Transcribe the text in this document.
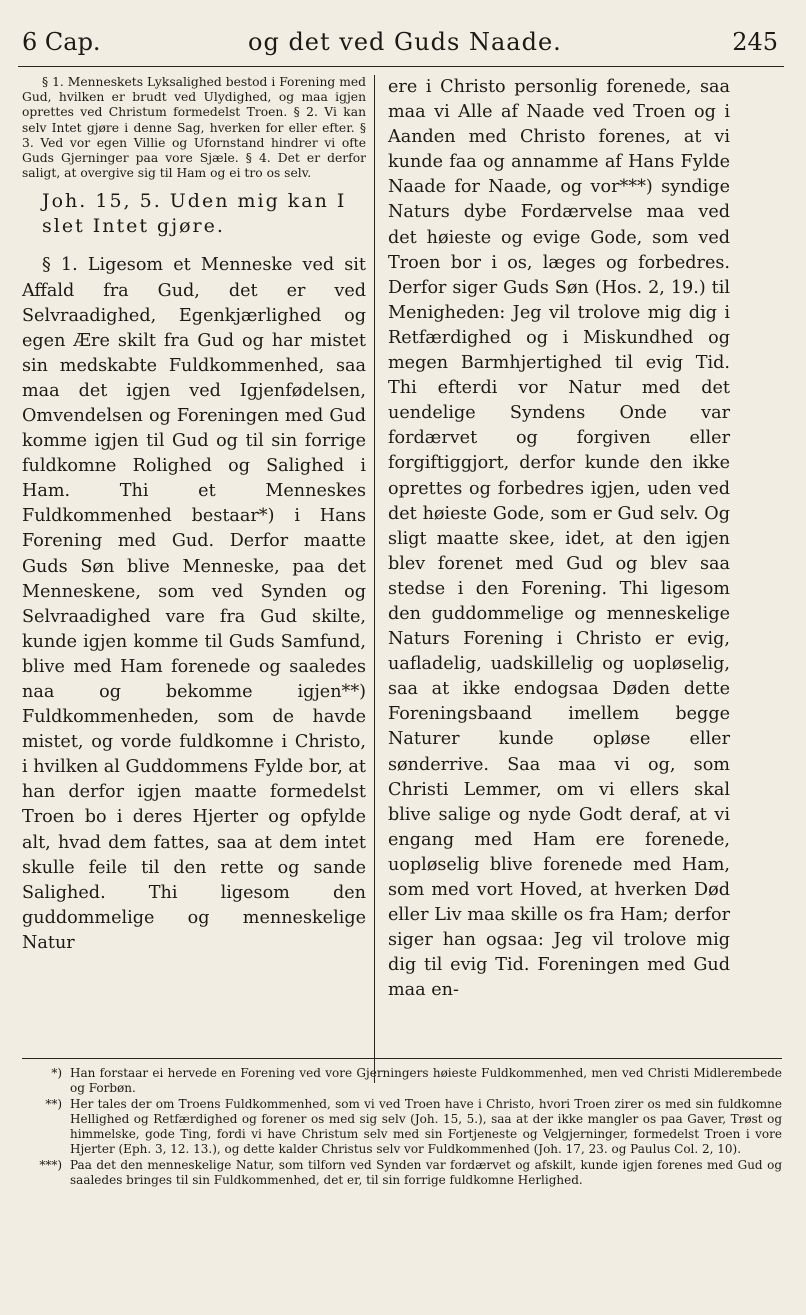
6 Cap.	og det ved Guds Naade.	245

§ 1. Menneskets Lyksalighed bestod i Forening med Gud, hvilken er brudt ved Ulydighed, og maa igjen oprettes ved Christum formedelst Troen. § 2. Vi kan selv Intet gjøre i denne Sag, hverken for eller efter. § 3. Ved vor egen Villie og Ufornstand hindrer vi ofte Guds Gjerninger paa vore Sjæle. § 4. Det er derfor saligt, at overgive sig til Ham og ei tro os selv.

Joh. 15, 5. Uden mig kan I slet Intet gjøre.

§ 1. Ligesom et Menneske ved sit Affald fra Gud, det er ved Selvraadighed, Egenkjærlighed og egen Ære skilt fra Gud og har mistet sin medskabte Fuldkommenhed, saa maa det igjen ved Igjenfødelsen, Omvendelsen og Foreningen med Gud komme igjen til Gud og til sin forrige fuldkomne Rolighed og Salighed i Ham. Thi et Menneskes Fuldkommenhed bestaar*) i Hans Forening med Gud. Derfor maatte Guds Søn blive Menneske, paa det Menneskene, som ved Synden og Selvraadighed vare fra Gud skilte, kunde igjen komme til Guds Samfund, blive med Ham forenede og saaledes naa og bekomme igjen**) Fuldkommenheden, som de havde mistet, og vorde fuldkomne i Christo, i hvilken al Guddommens Fylde bor, at han derfor igjen maatte formedelst Troen bo i deres Hjerter og opfylde alt, hvad dem fattes, saa at dem intet skulle feile til den rette og sande Salighed. Thi ligesom den guddommelige og menneskelige Natur

ere i Christo personlig forenede, saa maa vi Alle af Naade ved Troen og i Aanden med Christo forenes, at vi kunde faa og annamme af Hans Fylde Naade for Naade, og vor***) syndige Naturs dybe Fordærvelse maa ved det høieste og evige Gode, som ved Troen bor i os, læges og forbedres. Derfor siger Guds Søn (Hos. 2, 19.) til Menigheden: Jeg vil trolove mig dig i Retfærdighed og i Miskundhed og megen Barmhjertighed til evig Tid. Thi efterdi vor Natur med det uendelige Syndens Onde var fordærvet og forgiven eller forgiftiggjort, derfor kunde den ikke oprettes og forbedres igjen, uden ved det høieste Gode, som er Gud selv. Og sligt maatte skee, idet, at den igjen blev forenet med Gud og blev saa stedse i den Forening. Thi ligesom den guddommelige og menneskelige Naturs Forening i Christo er evig, uafladelig, uadskillelig og uopløselig, saa at ikke endogsaa Døden dette Foreningsbaand imellem begge Naturer kunde opløse eller sønderrive. Saa maa vi og, som Christi Lemmer, om vi ellers skal blive salige og nyde Godt deraf, at vi engang med Ham ere forenede, uopløselig blive forenede med Ham, som med vort Hoved, at hverken Død eller Liv maa skille os fra Ham; derfor siger han ogsaa: Jeg vil trolove mig dig til evig Tid. Foreningen med Gud maa en-

*) Han forstaar ei hervede en Forening ved vore Gjerningers høieste Fuldkommenhed, men ved Christi Midlerembede og Forbøn.

**) Her tales der om Troens Fuldkommenhed, som vi ved Troen have i Christo, hvori Troen zirer os med sin fuldkomne Hellighed og Retfærdighed og forener os med sig selv (Joh. 15, 5.), saa at der ikke mangler os paa Gaver, Trøst og himmelske, gode Ting, fordi vi have Christum selv med sin Fortjeneste og Velgjerninger, formedelst Troen i vore Hjerter (Eph. 3, 12. 13.), og dette kalder Christus selv vor Fuldkommenhed (Joh. 17, 23. og Paulus Col. 2, 10).

***) Paa det den menneskelige Natur, som tilforn ved Synden var fordærvet og afskilt, kunde igjen forenes med Gud og saaledes bringes til sin Fuldkommenhed, det er, til sin forrige fuldkomne Herlighed.
